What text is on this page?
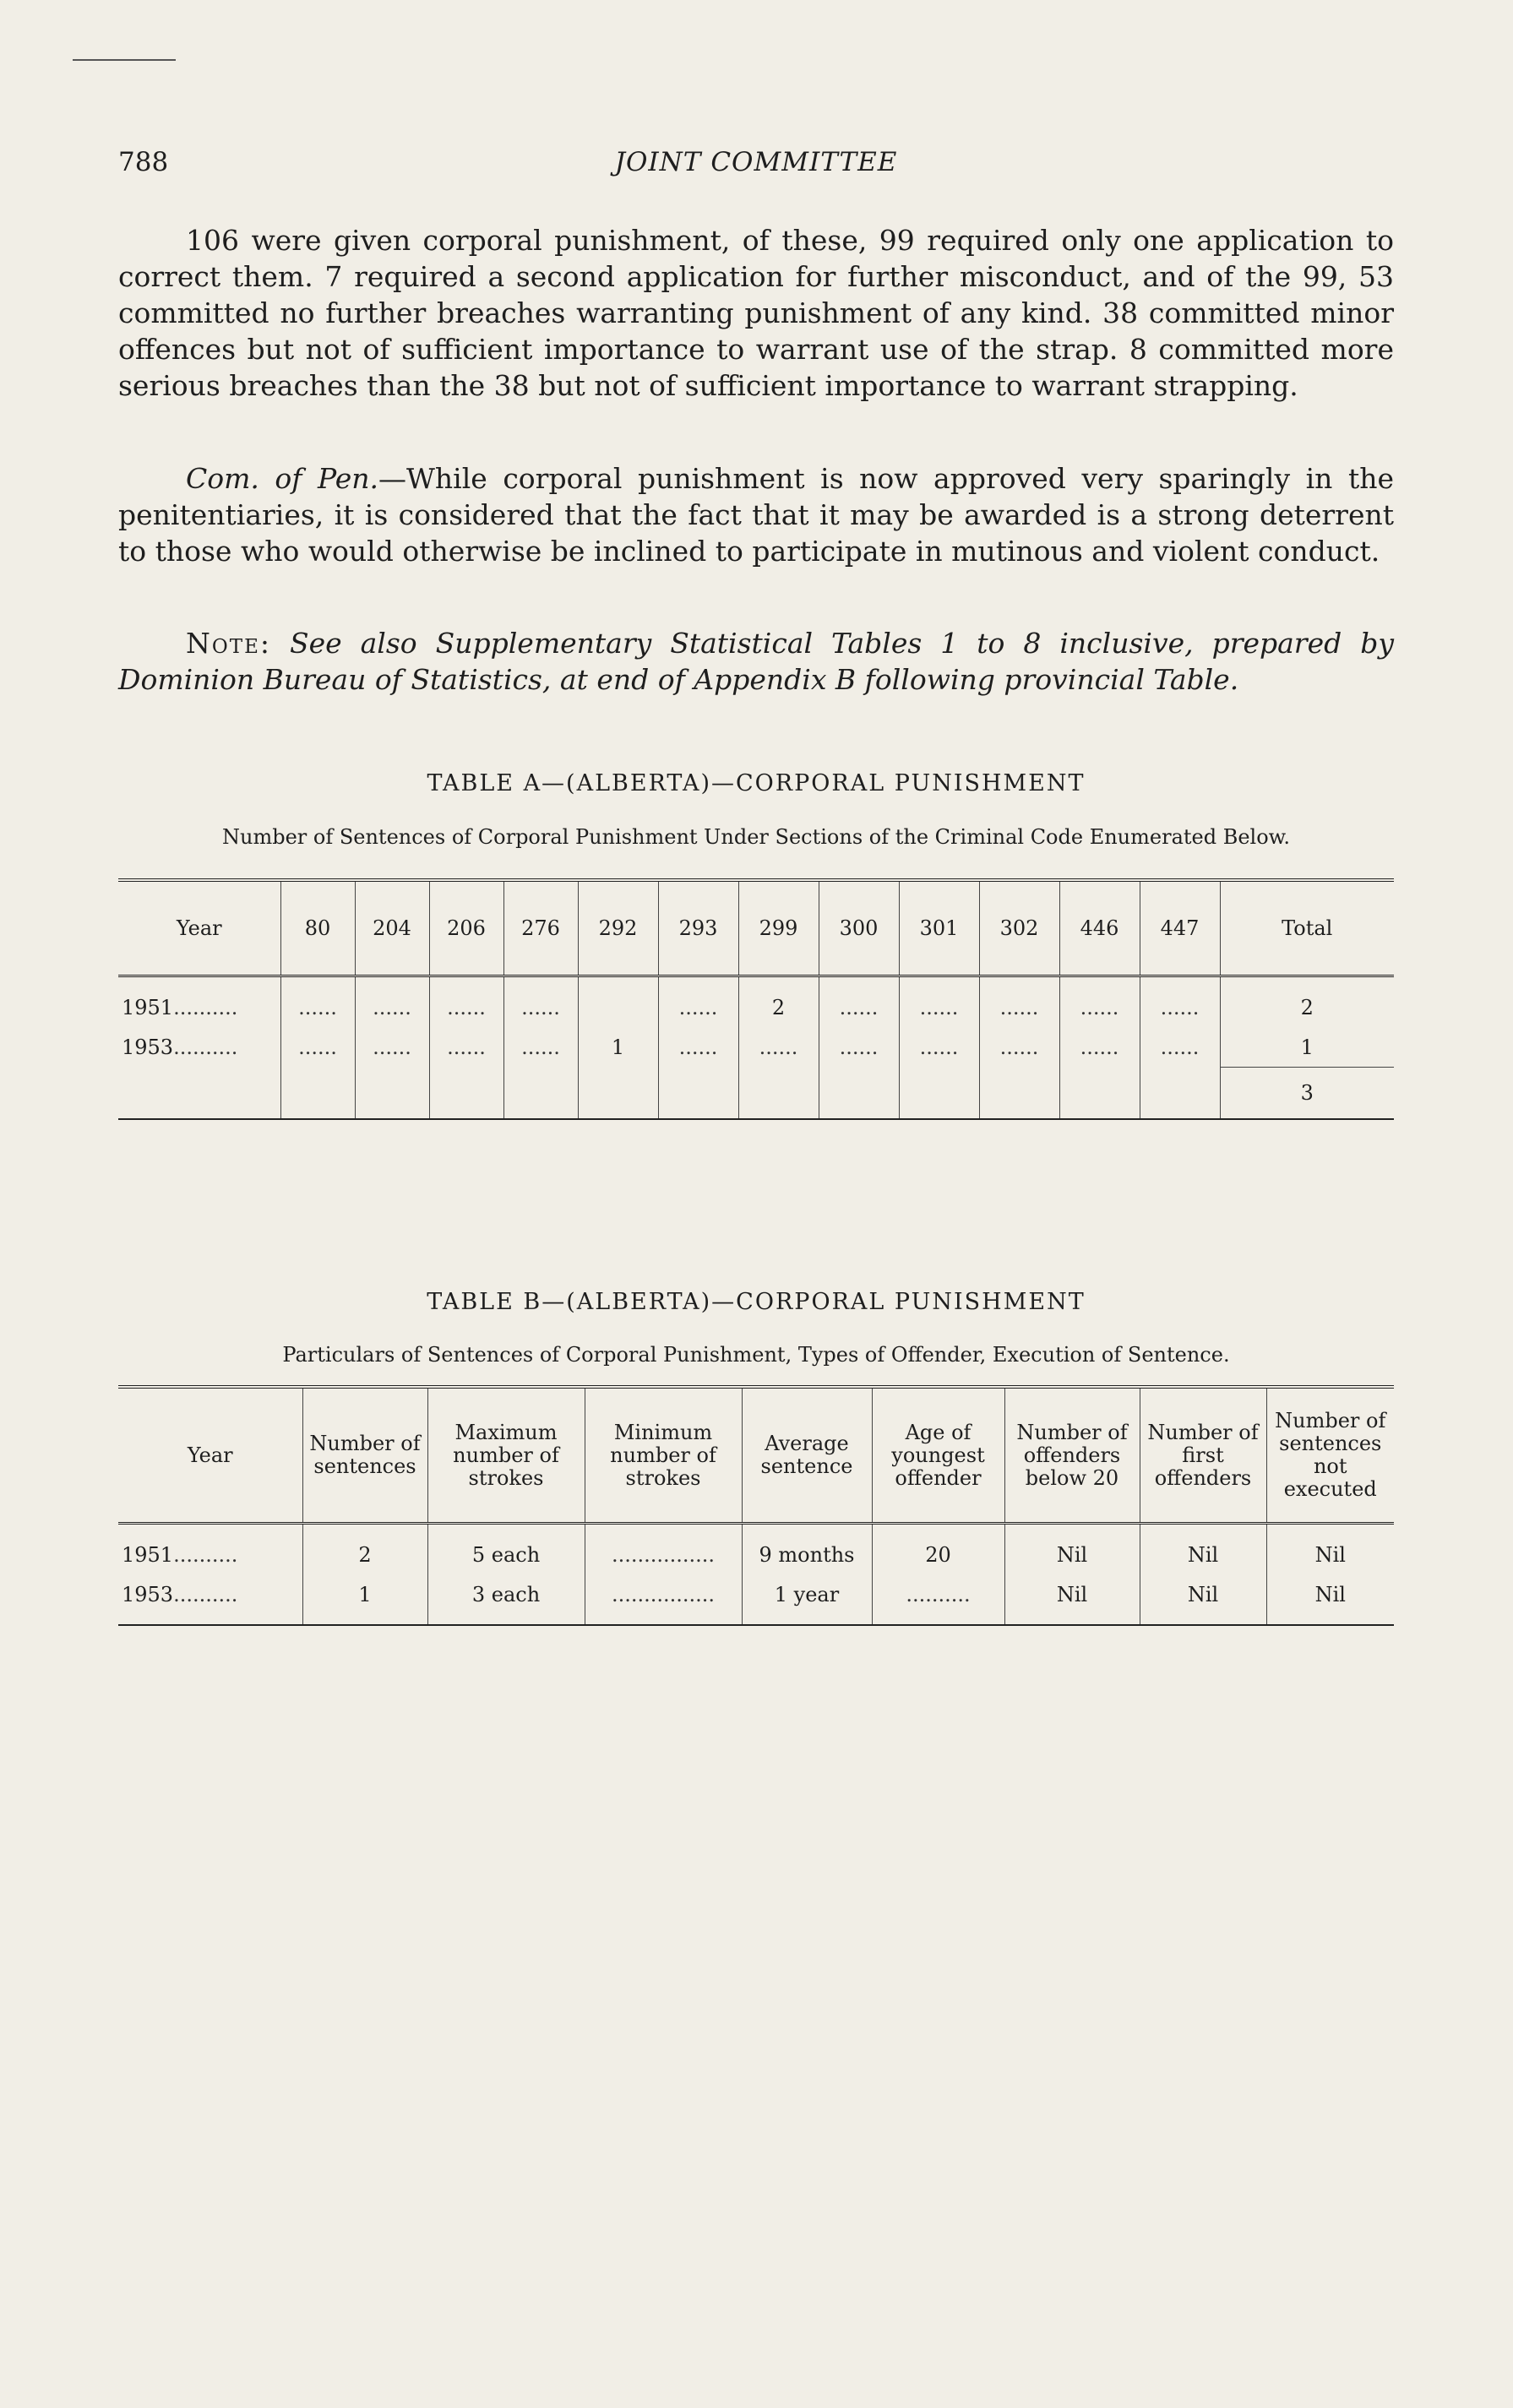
788	JOINT COMMITTEE

106 were given corporal punishment, of these, 99 required only one application to correct them. 7 required a second application for further misconduct, and of the 99, 53 committed no further breaches warranting punishment of any kind. 38 committed minor offences but not of sufficient importance to warrant use of the strap. 8 committed more serious breaches than the 38 but not of sufficient importance to warrant strapping.

Com. of Pen.—While corporal punishment is now approved very sparingly in the penitentiaries, it is considered that the fact that it may be awarded is a strong deterrent to those who would otherwise be inclined to participate in mutinous and violent conduct.

Note: See also Supplementary Statistical Tables 1 to 8 inclusive, prepared by Dominion Bureau of Statistics, at end of Appendix B following provincial Table.

TABLE A—(ALBERTA)—CORPORAL PUNISHMENT
Number of Sentences of Corporal Punishment Under Sections of the Criminal Code Enumerated Below.
Year	80	204	206	276	292	293	299	300	301	302	446	447	Total

1951..........	......	......	......	......		......	2	......	......	......	......	......	2
1953..........	......	......	......	......	1	......	......	......	......	......	......	......	1
													3
TABLE B—(ALBERTA)—CORPORAL PUNISHMENT
Particulars of Sentences of Corporal Punishment, Types of Offender, Execution of Sentence.
Year	Number of sentences	Maximum number of strokes	Minimum number of strokes	Average sentence	Age of youngest offender	Number of offenders below 20	Number of first offenders	Number of sentences not executed

1951..........	2	5 each	................	9 months	20	Nil	Nil	Nil
1953..........	1	3 each	................	1 year	..........	Nil	Nil	Nil
